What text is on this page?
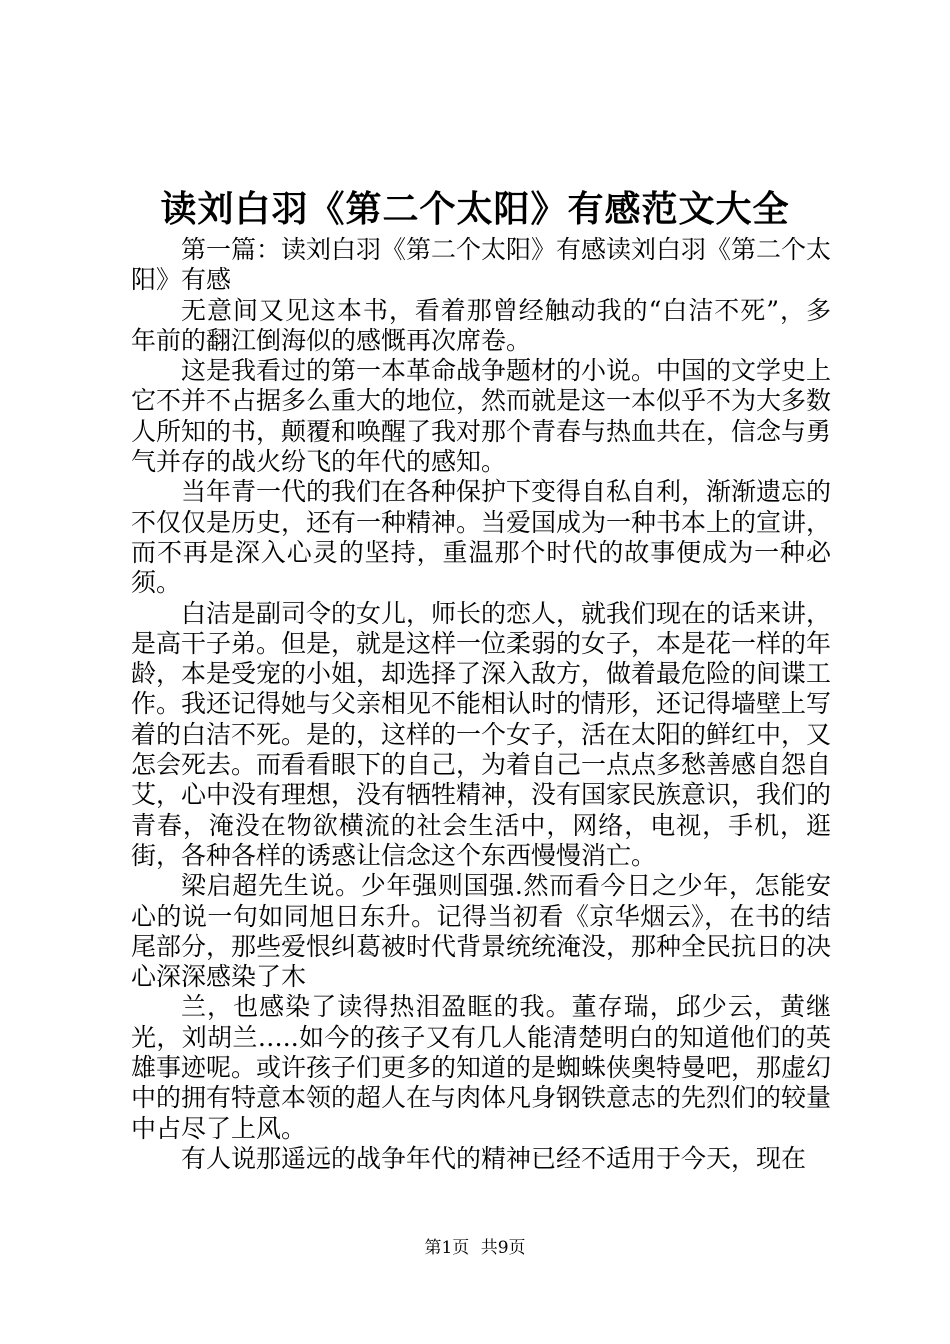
读刘白羽《第二个太阳》有感范文大全

第一篇：读刘白羽《第二个太阳》有感读刘白羽《第二个太阳》有感

无意间又见这本书，看着那曾经触动我的“白洁不死”，多年前的翻江倒海似的感慨再次席卷。

这是我看过的第一本革命战争题材的小说。中国的文学史上它不并不占据多么重大的地位，然而就是这一本似乎不为大多数人所知的书，颠覆和唤醒了我对那个青春与热血共在，信念与勇气并存的战火纷飞的年代的感知。

当年青一代的我们在各种保护下变得自私自利，渐渐遗忘的不仅仅是历史，还有一种精神。当爱国成为一种书本上的宣讲，而不再是深入心灵的坚持，重温那个时代的故事便成为一种必须。

白洁是副司令的女儿，师长的恋人，就我们现在的话来讲，是高干子弟。但是，就是这样一位柔弱的女子，本是花一样的年龄，本是受宠的小姐，却选择了深入敌方，做着最危险的间谍工作。我还记得她与父亲相见不能相认时的情形，还记得墙壁上写着的白洁不死。是的，这样的一个女子，活在太阳的鲜红中，又怎会死去。而看看眼下的自己，为着自己一点点多愁善感自怨自艾，心中没有理想，没有牺牲精神，没有国家民族意识，我们的青春，淹没在物欲横流的社会生活中，网络，电视，手机，逛街，各种各样的诱惑让信念这个东西慢慢消亡。

梁启超先生说。少年强则国强.然而看今日之少年，怎能安心的说一句如同旭日东升。记得当初看《京华烟云》，在书的结尾部分，那些爱恨纠葛被时代背景统统淹没，那种全民抗日的决心深深感染了木

兰，也感染了读得热泪盈眶的我。董存瑞，邱少云，黄继光，刘胡兰…..如今的孩子又有几人能清楚明白的知道他们的英雄事迹呢。或许孩子们更多的知道的是蜘蛛侠奥特曼吧，那虚幻中的拥有特意本领的超人在与肉体凡身钢铁意志的先烈们的较量中占尽了上风。

有人说那遥远的战争年代的精神已经不适用于今天，现在

第1页 共9页
